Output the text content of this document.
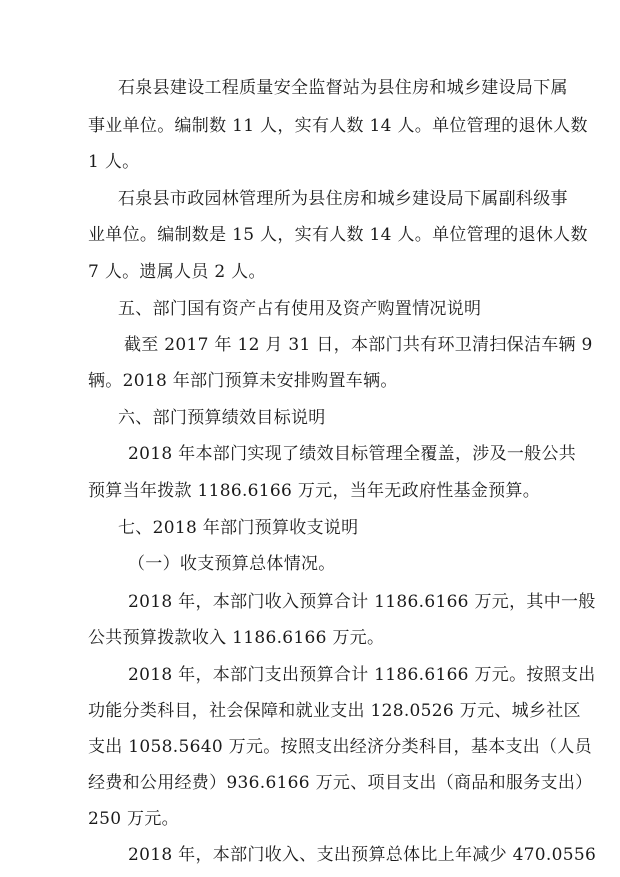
石泉县建设工程质量安全监督站为县住房和城乡建设局下属
事业单位。编制数 11 人，实有人数 14 人。单位管理的退休人数
1 人。
石泉县市政园林管理所为县住房和城乡建设局下属副科级事
业单位。编制数是 15 人，实有人数 14 人。单位管理的退休人数
7 人。遗属人员 2 人。
五、部门国有资产占有使用及资产购置情况说明
截至 2017 年 12 月 31 日，本部门共有环卫清扫保洁车辆 9
辆。2018 年部门预算未安排购置车辆。
六、部门预算绩效目标说明
2018 年本部门实现了绩效目标管理全覆盖，涉及一般公共
预算当年拨款 1186.6166 万元，当年无政府性基金预算。
七、2018 年部门预算收支说明
（一）收支预算总体情况。
2018 年，本部门收入预算合计 1186.6166 万元，其中一般
公共预算拨款收入 1186.6166 万元。
2018 年，本部门支出预算合计 1186.6166 万元。按照支出
功能分类科目，社会保障和就业支出 128.0526 万元、城乡社区
支出 1058.5640 万元。按照支出经济分类科目，基本支出（人员
经费和公用经费）936.6166 万元、项目支出（商品和服务支出）
250 万元。
2018 年，本部门收入、支出预算总体比上年减少 470.0556
